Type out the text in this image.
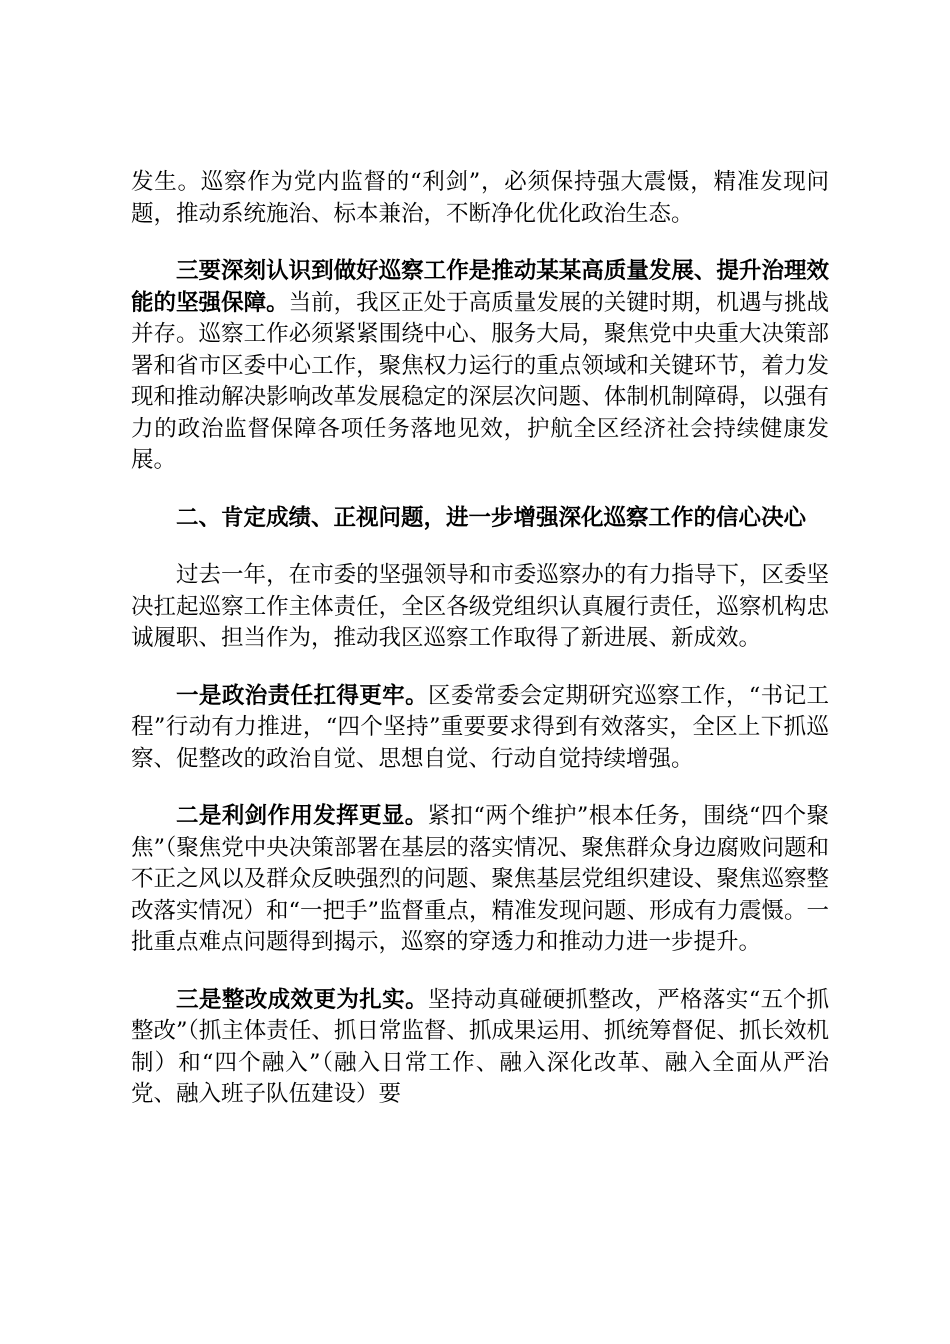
发生。巡察作为党内监督的“利剑”，必须保持强大震慑，精准发现问题，推动系统施治、标本兼治，不断净化优化政治生态。

三要深刻认识到做好巡察工作是推动某某高质量发展、提升治理效能的坚强保障。当前，我区正处于高质量发展的关键时期，机遇与挑战并存。巡察工作必须紧紧围绕中心、服务大局，聚焦党中央重大决策部署和省市区委中心工作，聚焦权力运行的重点领域和关键环节，着力发现和推动解决影响改革发展稳定的深层次问题、体制机制障碍，以强有力的政治监督保障各项任务落地见效，护航全区经济社会持续健康发展。

二、肯定成绩、正视问题，进一步增强深化巡察工作的信心决心

过去一年，在市委的坚强领导和市委巡察办的有力指导下，区委坚决扛起巡察工作主体责任，全区各级党组织认真履行责任，巡察机构忠诚履职、担当作为，推动我区巡察工作取得了新进展、新成效。

一是政治责任扛得更牢。区委常委会定期研究巡察工作，“书记工程”行动有力推进，“四个坚持”重要要求得到有效落实，全区上下抓巡察、促整改的政治自觉、思想自觉、行动自觉持续增强。

二是利剑作用发挥更显。紧扣“两个维护”根本任务，围绕“四个聚焦”（聚焦党中央决策部署在基层的落实情况、聚焦群众身边腐败问题和不正之风以及群众反映强烈的问题、聚焦基层党组织建设、聚焦巡察整改落实情况）和“一把手”监督重点，精准发现问题、形成有力震慑。一批重点难点问题得到揭示，巡察的穿透力和推动力进一步提升。

三是整改成效更为扎实。坚持动真碰硬抓整改，严格落实“五个抓整改”（抓主体责任、抓日常监督、抓成果运用、抓统筹督促、抓长效机制）和“四个融入”（融入日常工作、融入深化改革、融入全面从严治党、融入班子队伍建设）要
